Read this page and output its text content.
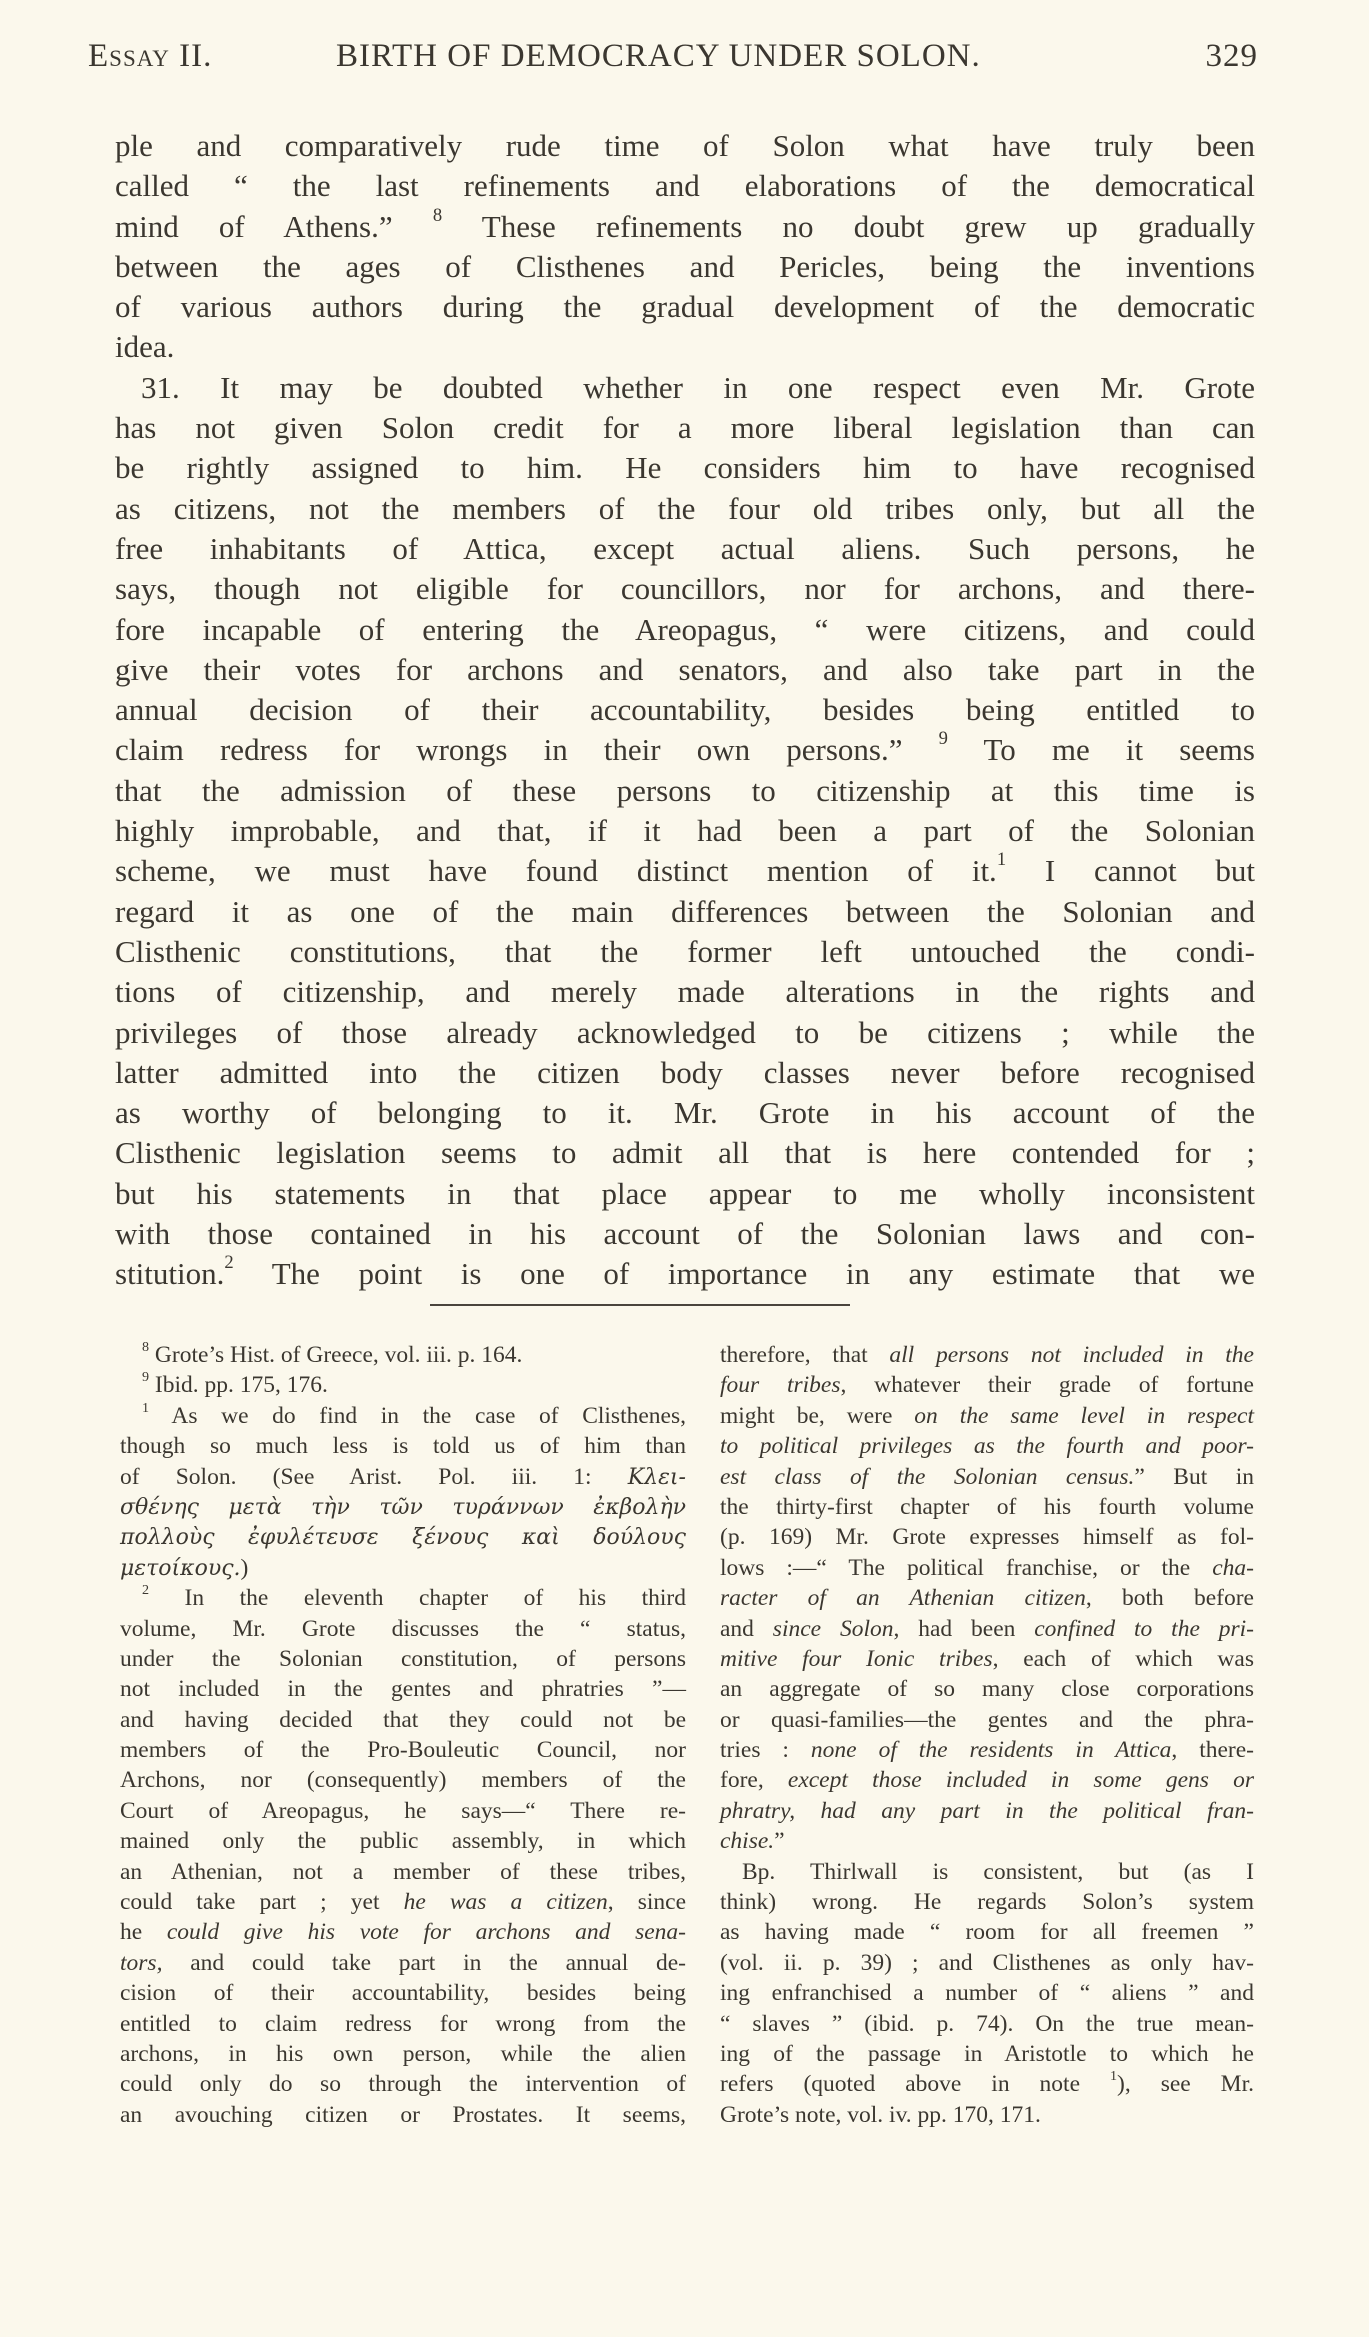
Essay II.	BIRTH OF DEMOCRACY UNDER SOLON.	329
ple and comparatively rude time of Solon what have truly been
called “ the last refinements and elaborations of the democratical
mind of Athens.” $^8$ These refinements no doubt grew up gradually
between the ages of Clisthenes and Pericles, being the inventions
of various authors during the gradual development of the democratic
idea.
31. It may be doubted whether in one respect even Mr. Grote
has not given Solon credit for a more liberal legislation than can
be rightly assigned to him. He considers him to have recognised
as citizens, not the members of the four old tribes only, but all the
free inhabitants of Attica, except actual aliens. Such persons, he
says, though not eligible for councillors, nor for archons, and there-
fore incapable of entering the Areopagus, “ were citizens, and could
give their votes for archons and senators, and also take part in the
annual decision of their accountability, besides being entitled to
claim redress for wrongs in their own persons.” $^9$ To me it seems
that the admission of these persons to citizenship at this time is
highly improbable, and that, if it had been a part of the Solonian
scheme, we must have found distinct mention of it.$^1$ I cannot but
regard it as one of the main differences between the Solonian and
Clisthenic constitutions, that the former left untouched the condi-
tions of citizenship, and merely made alterations in the rights and
privileges of those already acknowledged to be citizens ; while the
latter admitted into the citizen body classes never before recognised
as worthy of belonging to it. Mr. Grote in his account of the
Clisthenic legislation seems to admit all that is here contended for ;
but his statements in that place appear to me wholly inconsistent
with those contained in his account of the Solonian laws and con-
stitution.$^2$ The point is one of importance in any estimate that we
$^8$ Grote’s Hist. of Greece, vol. iii. p. 164.
$^9$ Ibid. pp. 175, 176.
$^1$ As we do find in the case of Clisthenes,
though so much less is told us of him than
of Solon. (See Arist. Pol. iii. 1: Κλει-
σθένης μετὰ τὴν τῶν τυράννων ἐκβολὴν
πολλοὺς ἐφυλέτευσε ξένους καὶ δούλους
μετοίκους.)
$^2$ In the eleventh chapter of his third
volume, Mr. Grote discusses the “ status,
under the Solonian constitution, of persons
not included in the gentes and phratries ”—
and having decided that they could not be
members of the Pro-Bouleutic Council, nor
Archons, nor (consequently) members of the
Court of Areopagus, he says—“ There re-
mained only the public assembly, in which
an Athenian, not a member of these tribes,
could take part ; yet he was a citizen, since
he could give his vote for archons and sena-
tors, and could take part in the annual de-
cision of their accountability, besides being
entitled to claim redress for wrong from the
archons, in his own person, while the alien
could only do so through the intervention of
an avouching citizen or Prostates. It seems,
therefore, that all persons not included in the
four tribes, whatever their grade of fortune
might be, were on the same level in respect
to political privileges as the fourth and poor-
est class of the Solonian census.” But in
the thirty-first chapter of his fourth volume
(p. 169) Mr. Grote expresses himself as fol-
lows :—“ The political franchise, or the cha-
racter of an Athenian citizen, both before
and since Solon, had been confined to the pri-
mitive four Ionic tribes, each of which was
an aggregate of so many close corporations
or quasi-families—the gentes and the phra-
tries : none of the residents in Attica, there-
fore, except those included in some gens or
phratry, had any part in the political fran-
chise.”
Bp. Thirlwall is consistent, but (as I
think) wrong. He regards Solon’s system
as having made “ room for all freemen ”
(vol. ii. p. 39) ; and Clisthenes as only hav-
ing enfranchised a number of “ aliens ” and
“ slaves ” (ibid. p. 74). On the true mean-
ing of the passage in Aristotle to which he
refers (quoted above in note $^1$), see Mr.
Grote’s note, vol. iv. pp. 170, 171.
